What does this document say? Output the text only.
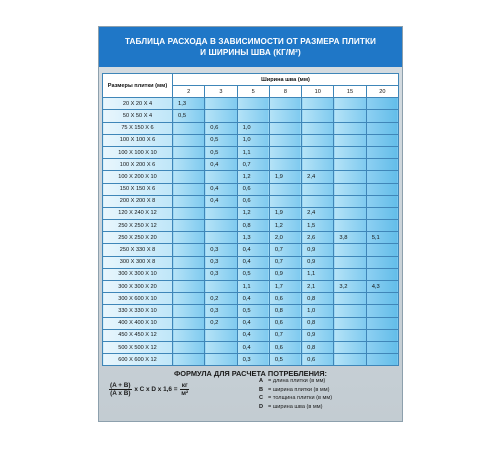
ТАБЛИЦА РАСХОДА В ЗАВИСИМОСТИ ОТ РАЗМЕРА ПЛИТКИ
И ШИРИНЫ ШВА (КГ/М²)
Размеры плитки (мм)	Ширина шва (мм)						
	2	3	5	8	10	15	20
20 Х 20 Х 4	1,3						
50 Х 50 Х 4	0,5						
75 Х 150 Х 6		0,6	1,0				
100 Х 100 Х 6		0,5	1,0				
100 Х 100 Х 10		0,5	1,1				
100 Х 200 Х 6		0,4	0,7				
100 Х 200 Х 10			1,2	1,9	2,4		
150 Х 150 Х 6		0,4	0,6				
200 Х 200 Х 8		0,4	0,6				
120 Х 240 Х 12			1,2	1,9	2,4		
250 Х 250 Х 12			0,8	1,2	1,5		
250 Х 250 Х 20			1,3	2,0	2,6	3,8	5,1
250 Х 330 Х 8		0,3	0,4	0,7	0,9		
300 Х 300 Х 8		0,3	0,4	0,7	0,9		
300 Х 300 Х 10		0,3	0,5	0,9	1,1		
300 Х 300 Х 20			1,1	1,7	2,1	3,2	4,3
300 Х 600 Х 10		0,2	0,4	0,6	0,8		
330 Х 330 Х 10		0,3	0,5	0,8	1,0		
400 Х 400 Х 10		0,2	0,4	0,6	0,8		
450 Х 450 Х 12			0,4	0,7	0,9		
500 Х 500 Х 12			0,4	0,6	0,8		
600 Х 600 Х 12			0,3	0,5	0,6		
ФОРМУЛА ДЛЯ РАСЧЕТА ПОТРЕБЛЕНИЯ:
$\frac{(A + B)}{\text{(A x B)}}$ x C x D x $1,6 = \frac{кг}{\text{м²}}$
A = длина плитки (в мм)
B = ширина плитки (в мм)
C = толщина плитки (в мм)
D = ширина шва (в мм)
